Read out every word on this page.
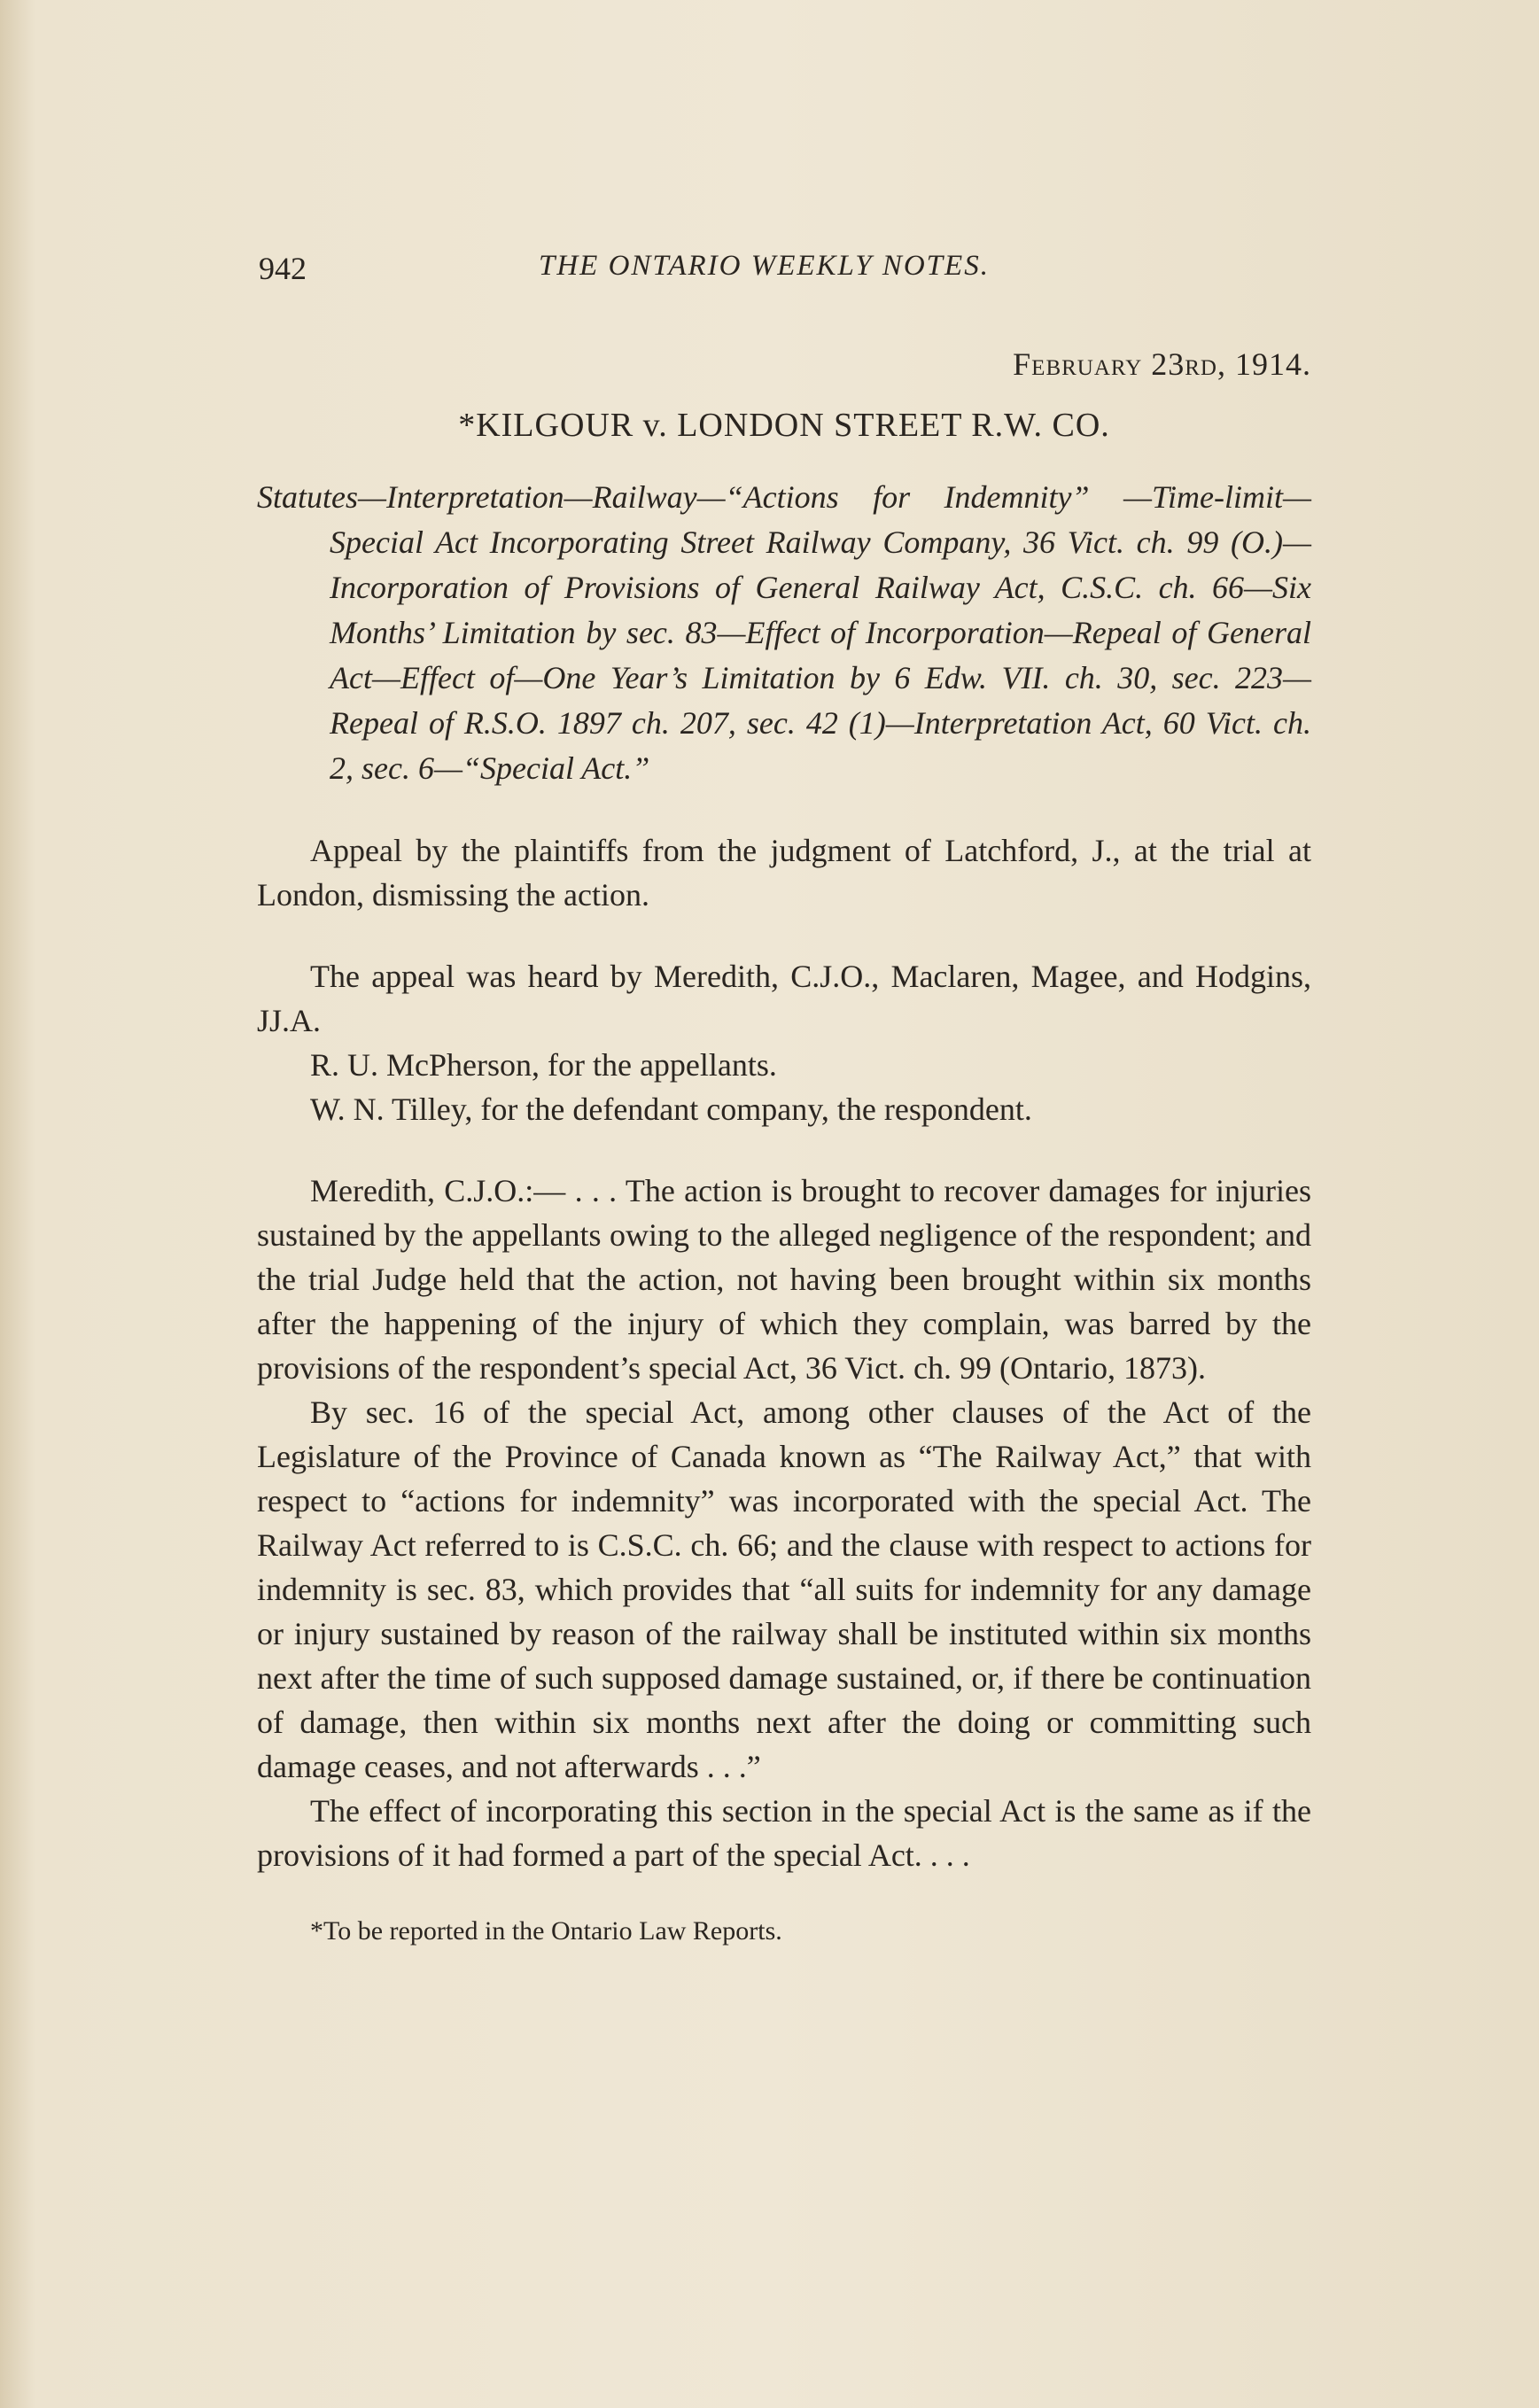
942	THE ONTARIO WEEKLY NOTES.
February 23rd, 1914.
*KILGOUR v. LONDON STREET R.W. CO.
Statutes—Interpretation—Railway—“Actions for Indemnity” —Time-limit—Special Act Incorporating Street Railway Company, 36 Vict. ch. 99 (O.)—Incorporation of Provisions of General Railway Act, C.S.C. ch. 66—Six Months’ Limitation by sec. 83—Effect of Incorporation—Repeal of General Act—Effect of—One Year’s Limitation by 6 Edw. VII. ch. 30, sec. 223—Repeal of R.S.O. 1897 ch. 207, sec. 42 (1)—Interpretation Act, 60 Vict. ch. 2, sec. 6—“Special Act.”

Appeal by the plaintiffs from the judgment of Latchford, J., at the trial at London, dismissing the action.

The appeal was heard by Meredith, C.J.O., Maclaren, Magee, and Hodgins, JJ.A.

R. U. McPherson, for the appellants.

W. N. Tilley, for the defendant company, the respondent.

Meredith, C.J.O.:— . . . The action is brought to recover damages for injuries sustained by the appellants owing to the alleged negligence of the respondent; and the trial Judge held that the action, not having been brought within six months after the happening of the injury of which they complain, was barred by the provisions of the respondent’s special Act, 36 Vict. ch. 99 (Ontario, 1873).

By sec. 16 of the special Act, among other clauses of the Act of the Legislature of the Province of Canada known as “The Railway Act,” that with respect to “actions for indemnity” was incorporated with the special Act. The Railway Act referred to is C.S.C. ch. 66; and the clause with respect to actions for indemnity is sec. 83, which provides that “all suits for indemnity for any damage or injury sustained by reason of the railway shall be instituted within six months next after the time of such supposed damage sustained, or, if there be continuation of damage, then within six months next after the doing or committing such damage ceases, and not afterwards . . .”

The effect of incorporating this section in the special Act is the same as if the provisions of it had formed a part of the special Act. . . .

*To be reported in the Ontario Law Reports.
